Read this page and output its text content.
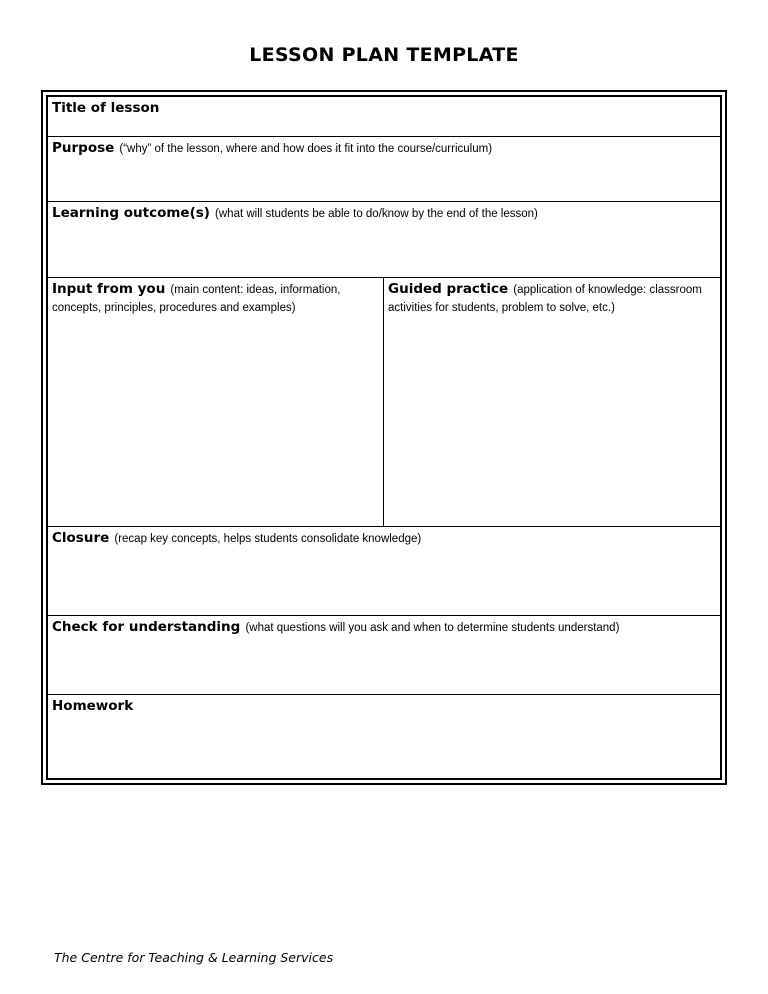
LESSON PLAN TEMPLATE
Title of lesson
Purpose (“why” of the lesson, where and how does it fit into the course/curriculum)
Learning outcome(s) (what will students be able to do/know by the end of the lesson)
Input from you (main content: ideas, information, concepts, principles, procedures and examples)
Guided practice (application of knowledge: classroom activities for students, problem to solve, etc.)
Closure (recap key concepts, helps students consolidate knowledge)
Check for understanding (what questions will you ask and when to determine students understand)
Homework
The Centre for Teaching & Learning Services
